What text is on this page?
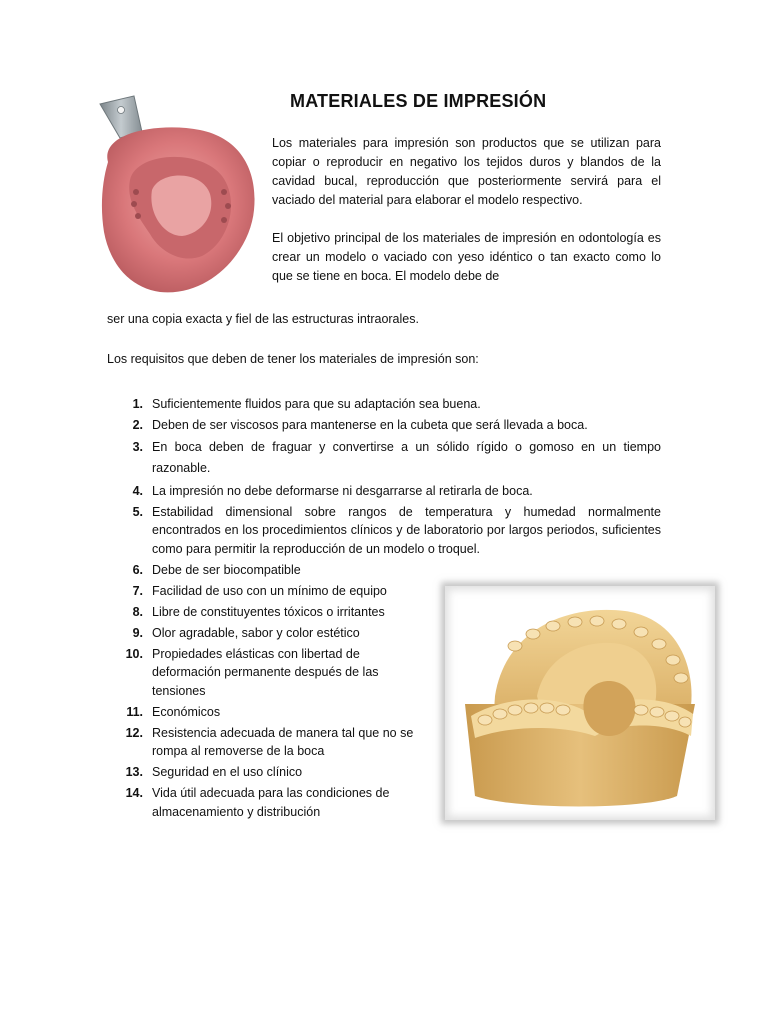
MATERIALES DE IMPRESIÓN

Los materiales para impresión son productos que se utilizan para copiar o reproducir en negativo los tejidos duros y blandos de la cavidad bucal, reproducción que posteriormente servirá para el vaciado del material para elaborar el modelo respectivo.

El objetivo principal de los materiales de impresión en odontología es crear un modelo o vaciado con yeso idéntico o tan exacto como lo que se tiene en boca. El modelo debe de

ser una copia exacta y fiel de las estructuras intraorales.

Los requisitos que deben de tener los materiales de impresión son:

1. Suficientemente fluidos para que su adaptación sea buena.
2. Deben de ser viscosos para mantenerse en la cubeta que será llevada a boca.
3. En boca deben de fraguar y convertirse a un sólido rígido o gomoso en un tiempo razonable.
4. La impresión no debe deformarse ni desgarrarse al retirarla de boca.
5. Estabilidad dimensional sobre rangos de temperatura y humedad normalmente encontrados en los procedimientos clínicos y de laboratorio por largos periodos, suficientes como para permitir la reproducción de un modelo o troquel.
6. Debe de ser biocompatible
7. Facilidad de uso con un mínimo de equipo
8. Libre de constituyentes tóxicos o irritantes
9. Olor agradable, sabor y color estético
10. Propiedades elásticas con libertad de deformación permanente después de las tensiones
11. Económicos
12. Resistencia adecuada de manera tal que no se rompa al removerse de la boca
13. Seguridad en el uso clínico
14. Vida útil adecuada para las condiciones de almacenamiento y distribución
